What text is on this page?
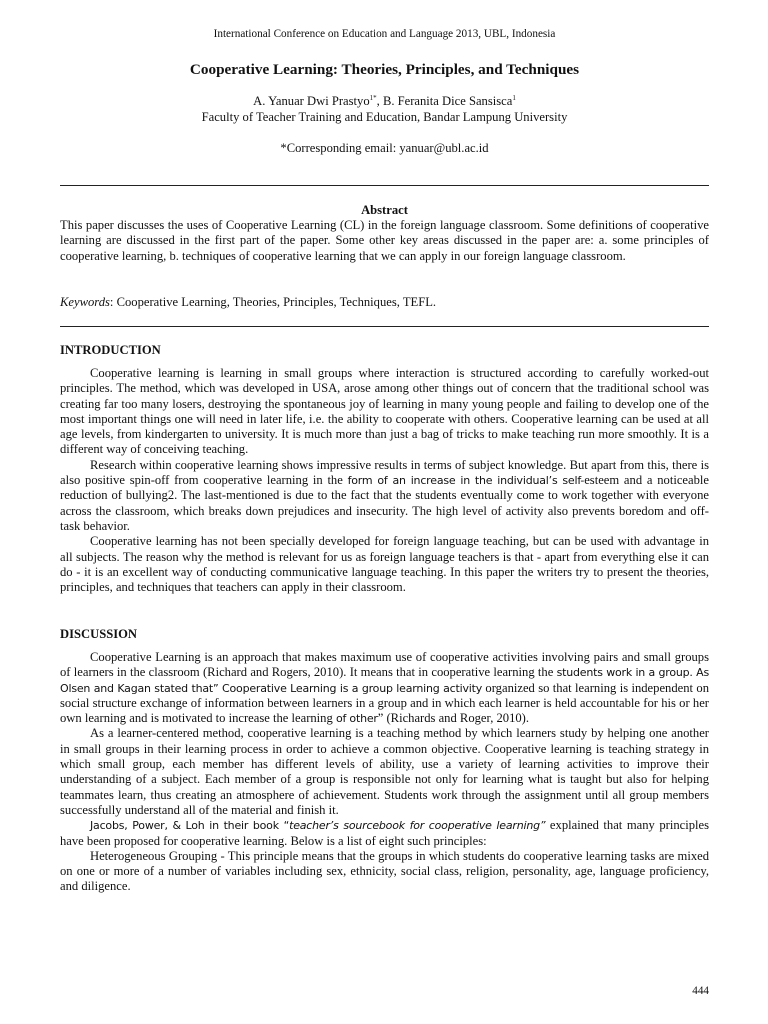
International Conference on Education and Language 2013, UBL, Indonesia
Cooperative Learning: Theories, Principles, and Techniques
A. Yanuar Dwi Prastyo$^{1*}$, B. Feranita Dice Sansisca$^1$
Faculty of Teacher Training and Education, Bandar Lampung University
*Corresponding email: yanuar@ubl.ac.id
Abstract
This paper discusses the uses of Cooperative Learning (CL) in the foreign language classroom. Some definitions of cooperative learning are discussed in the first part of the paper. Some other key areas discussed in the paper are: a. some principles of cooperative learning, b. techniques of cooperative learning that we can apply in our foreign language classroom.
Keywords: Cooperative Learning, Theories, Principles, Techniques, TEFL.
INTRODUCTION

Cooperative learning is learning in small groups where interaction is structured according to carefully worked-out principles. The method, which was developed in USA, arose among other things out of concern that the traditional school was creating far too many losers, destroying the spontaneous joy of learning in many young people and failing to develop one of the most important things one will need in later life, i.e. the ability to cooperate with others. Cooperative learning can be used at all age levels, from kindergarten to university. It is much more than just a bag of tricks to make teaching run more smoothly. It is a different way of conceiving teaching.

Research within cooperative learning shows impressive results in terms of subject knowledge. But apart from this, there is also positive spin-off from cooperative learning in the form of an increase in the individual’s self-esteem and a noticeable reduction of bullying2. The last-mentioned is due to the fact that the students eventually come to work together with everyone across the classroom, which breaks down prejudices and insecurity. The high level of activity also prevents boredom and off-task behavior.

Cooperative learning has not been specially developed for foreign language teaching, but can be used with advantage in all subjects. The reason why the method is relevant for us as foreign language teachers is that - apart from everything else it can do - it is an excellent way of conducting communicative language teaching. In this paper the writers try to present the theories, principles, and techniques that teachers can apply in their classroom.

DISCUSSION

Cooperative Learning is an approach that makes maximum use of cooperative activities involving pairs and small groups of learners in the classroom (Richard and Rogers, 2010). It means that in cooperative learning the students work in a group. As Olsen and Kagan stated that” Cooperative Learning is a group learning activity organized so that learning is independent on social structure exchange of information between learners in a group and in which each learner is held accountable for his or her own learning and is motivated to increase the learning of other” (Richards and Roger, 2010).

As a learner-centered method, cooperative learning is a teaching method by which learners study by helping one another in small groups in their learning process in order to achieve a common objective. Cooperative learning is teaching strategy in which small group, each member has different levels of ability, use a variety of learning activities to improve their understanding of a subject. Each member of a group is responsible not only for learning what is taught but also for helping teammates learn, thus creating an atmosphere of achievement. Students work through the assignment until all group members successfully understand all of the material and finish it.

Jacobs, Power, & Loh in their book “teacher’s sourcebook for cooperative learning” explained that many principles have been proposed for cooperative learning. Below is a list of eight such principles:

Heterogeneous Grouping - This principle means that the groups in which students do cooperative learning tasks are mixed on one or more of a number of variables including sex, ethnicity, social class, religion, personality, age, language proficiency, and diligence.

444
